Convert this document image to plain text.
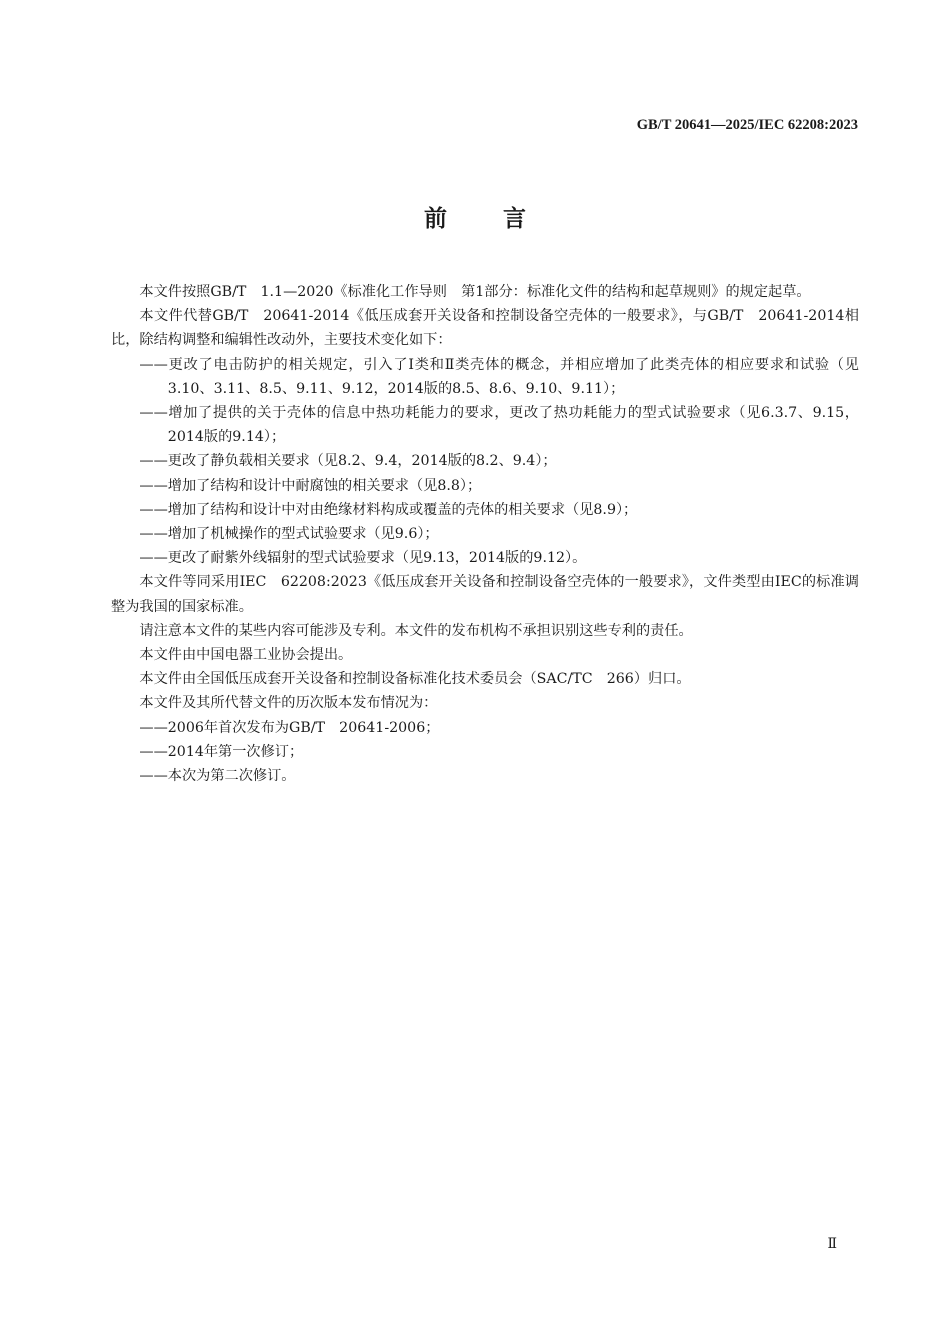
GB/T 20641—2025/IEC 62208:2023
前言

本文件按照GB/T　1.1—2020《标准化工作导则　第1部分：标准化文件的结构和起草规则》的规定起草。

本文件代替GB/T　20641-2014《低压成套开关设备和控制设备空壳体的一般要求》，与GB/T　20641-2014相比，除结构调整和编辑性改动外，主要技术变化如下：

——更改了电击防护的相关规定，引入了Ⅰ类和Ⅱ类壳体的概念，并相应增加了此类壳体的相应要求和试验（见3.10、3.11、8.5、9.11、9.12，2014版的8.5、8.6、9.10、9.11）；

——增加了提供的关于壳体的信息中热功耗能力的要求，更改了热功耗能力的型式试验要求（见6.3.7、9.15，2014版的9.14）；

——更改了静负载相关要求（见8.2、9.4，2014版的8.2、9.4）；

——增加了结构和设计中耐腐蚀的相关要求（见8.8）；

——增加了结构和设计中对由绝缘材料构成或覆盖的壳体的相关要求（见8.9）；

——增加了机械操作的型式试验要求（见9.6）；

——更改了耐紫外线辐射的型式试验要求（见9.13，2014版的9.12）。

本文件等同采用IEC　62208:2023《低压成套开关设备和控制设备空壳体的一般要求》，文件类型由IEC的标准调整为我国的国家标准。

请注意本文件的某些内容可能涉及专利。本文件的发布机构不承担识别这些专利的责任。

本文件由中国电器工业协会提出。

本文件由全国低压成套开关设备和控制设备标准化技术委员会（SAC/TC　266）归口。

本文件及其所代替文件的历次版本发布情况为：

——2006年首次发布为GB/T　20641-2006；

——2014年第一次修订；

——本次为第二次修订。

Ⅱ
